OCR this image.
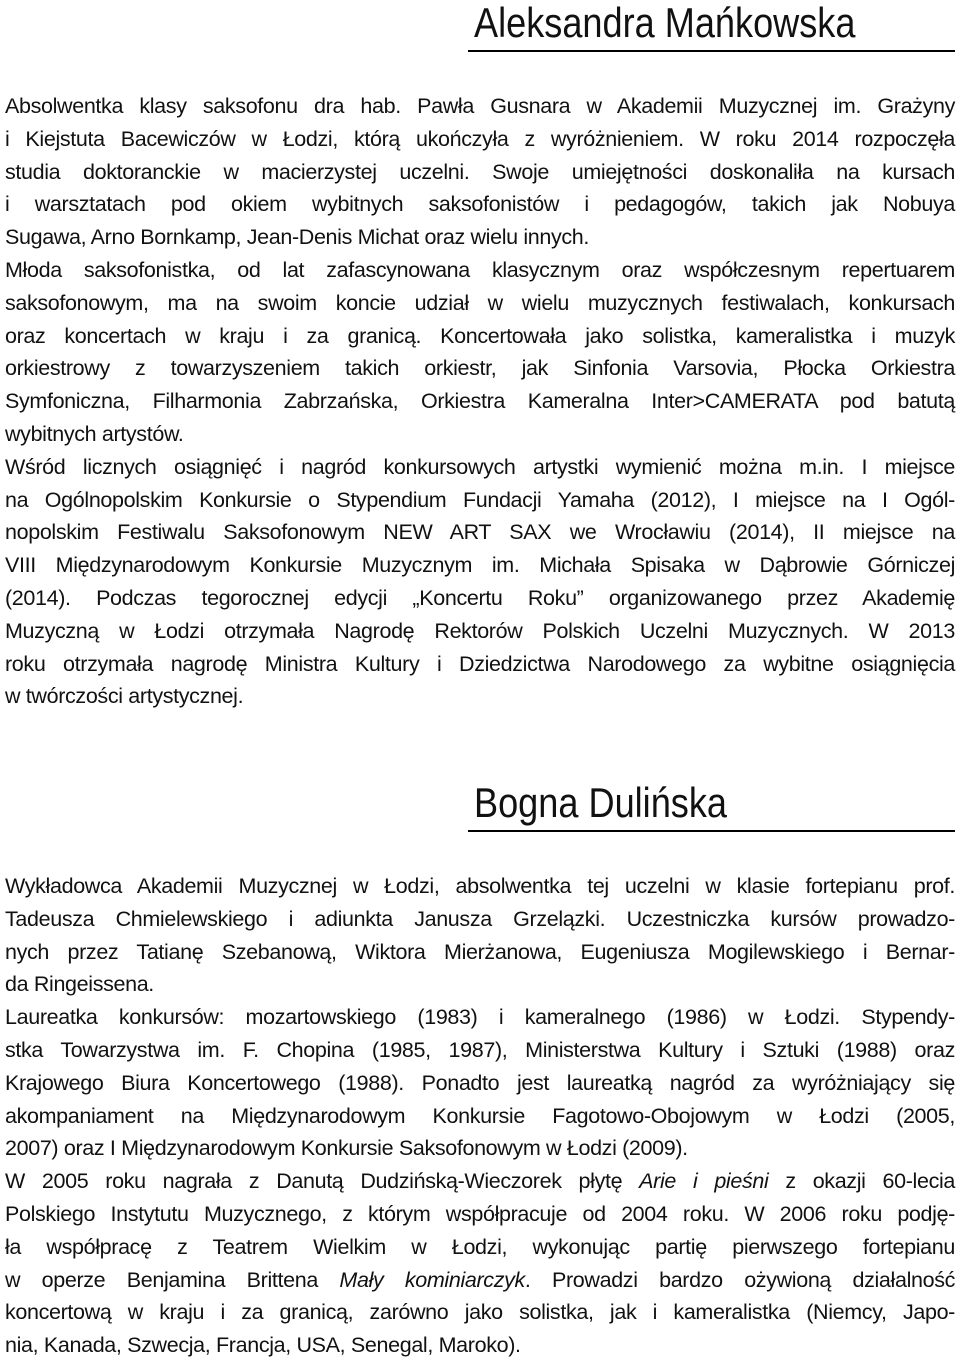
Aleksandra Mańkowska

Absolwentka klasy saksofonu dra hab. Pawła Gusnara w Akademii Muzycznej im. Grażyny
i Kiejstuta Bacewiczów w Łodzi, którą ukończyła z wyróżnieniem. W roku 2014 rozpoczęła
studia doktoranckie w macierzystej uczelni. Swoje umiejętności doskonaliła na kursach
i warsztatach pod okiem wybitnych saksofonistów i pedagogów, takich jak Nobuya
Sugawa, Arno Bornkamp, Jean-Denis Michat oraz wielu innych.

Młoda saksofonistka, od lat zafascynowana klasycznym oraz współczesnym repertuarem
saksofonowym, ma na swoim koncie udział w wielu muzycznych festiwalach, konkursach
oraz koncertach w kraju i za granicą. Koncertowała jako solistka, kameralistka i muzyk
orkiestrowy z towarzyszeniem takich orkiestr, jak Sinfonia Varsovia, Płocka Orkiestra
Symfoniczna, Filharmonia Zabrzańska, Orkiestra Kameralna Inter>CAMERATA pod batutą
wybitnych artystów.

Wśród licznych osiągnięć i nagród konkursowych artystki wymienić można m.in. I miejsce
na Ogólnopolskim Konkursie o Stypendium Fundacji Yamaha (2012), I miejsce na I Ogól-
nopolskim Festiwalu Saksofonowym NEW ART SAX we Wrocławiu (2014), II miejsce na
VIII Międzynarodowym Konkursie Muzycznym im. Michała Spisaka w Dąbrowie Górniczej
(2014). Podczas tegorocznej edycji „Koncertu Roku” organizowanego przez Akademię
Muzyczną w Łodzi otrzymała Nagrodę Rektorów Polskich Uczelni Muzycznych. W 2013
roku otrzymała nagrodę Ministra Kultury i Dziedzictwa Narodowego za wybitne osiągnięcia
w twórczości artystycznej.

Bogna Dulińska

Wykładowca Akademii Muzycznej w Łodzi, absolwentka tej uczelni w klasie fortepianu prof.
Tadeusza Chmielewskiego i adiunkta Janusza Grzelązki. Uczestniczka kursów prowadzo-
nych przez Tatianę Szebanową, Wiktora Mierżanowa, Eugeniusza Mogilewskiego i Bernar-
da Ringeissena.

Laureatka konkursów: mozartowskiego (1983) i kameralnego (1986) w Łodzi. Stypendy-
stka Towarzystwa im. F. Chopina (1985, 1987), Ministerstwa Kultury i Sztuki (1988) oraz
Krajowego Biura Koncertowego (1988). Ponadto jest laureatką nagród za wyróżniający się
akompaniament na Międzynarodowym Konkursie Fagotowo-Obojowym w Łodzi (2005,
2007) oraz I Międzynarodowym Konkursie Saksofonowym w Łodzi (2009).

W 2005 roku nagrała z Danutą Dudzińską-Wieczorek płytę Arie i pieśni z okazji 60-lecia
Polskiego Instytutu Muzycznego, z którym współpracuje od 2004 roku. W 2006 roku podję-
ła współpracę z Teatrem Wielkim w Łodzi, wykonując partię pierwszego fortepianu
w operze Benjamina Brittena Mały kominiarczyk. Prowadzi bardzo ożywioną działalność
koncertową w kraju i za granicą, zarówno jako solistka, jak i kameralistka (Niemcy, Japo-
nia, Kanada, Szwecja, Francja, USA, Senegal, Maroko).
